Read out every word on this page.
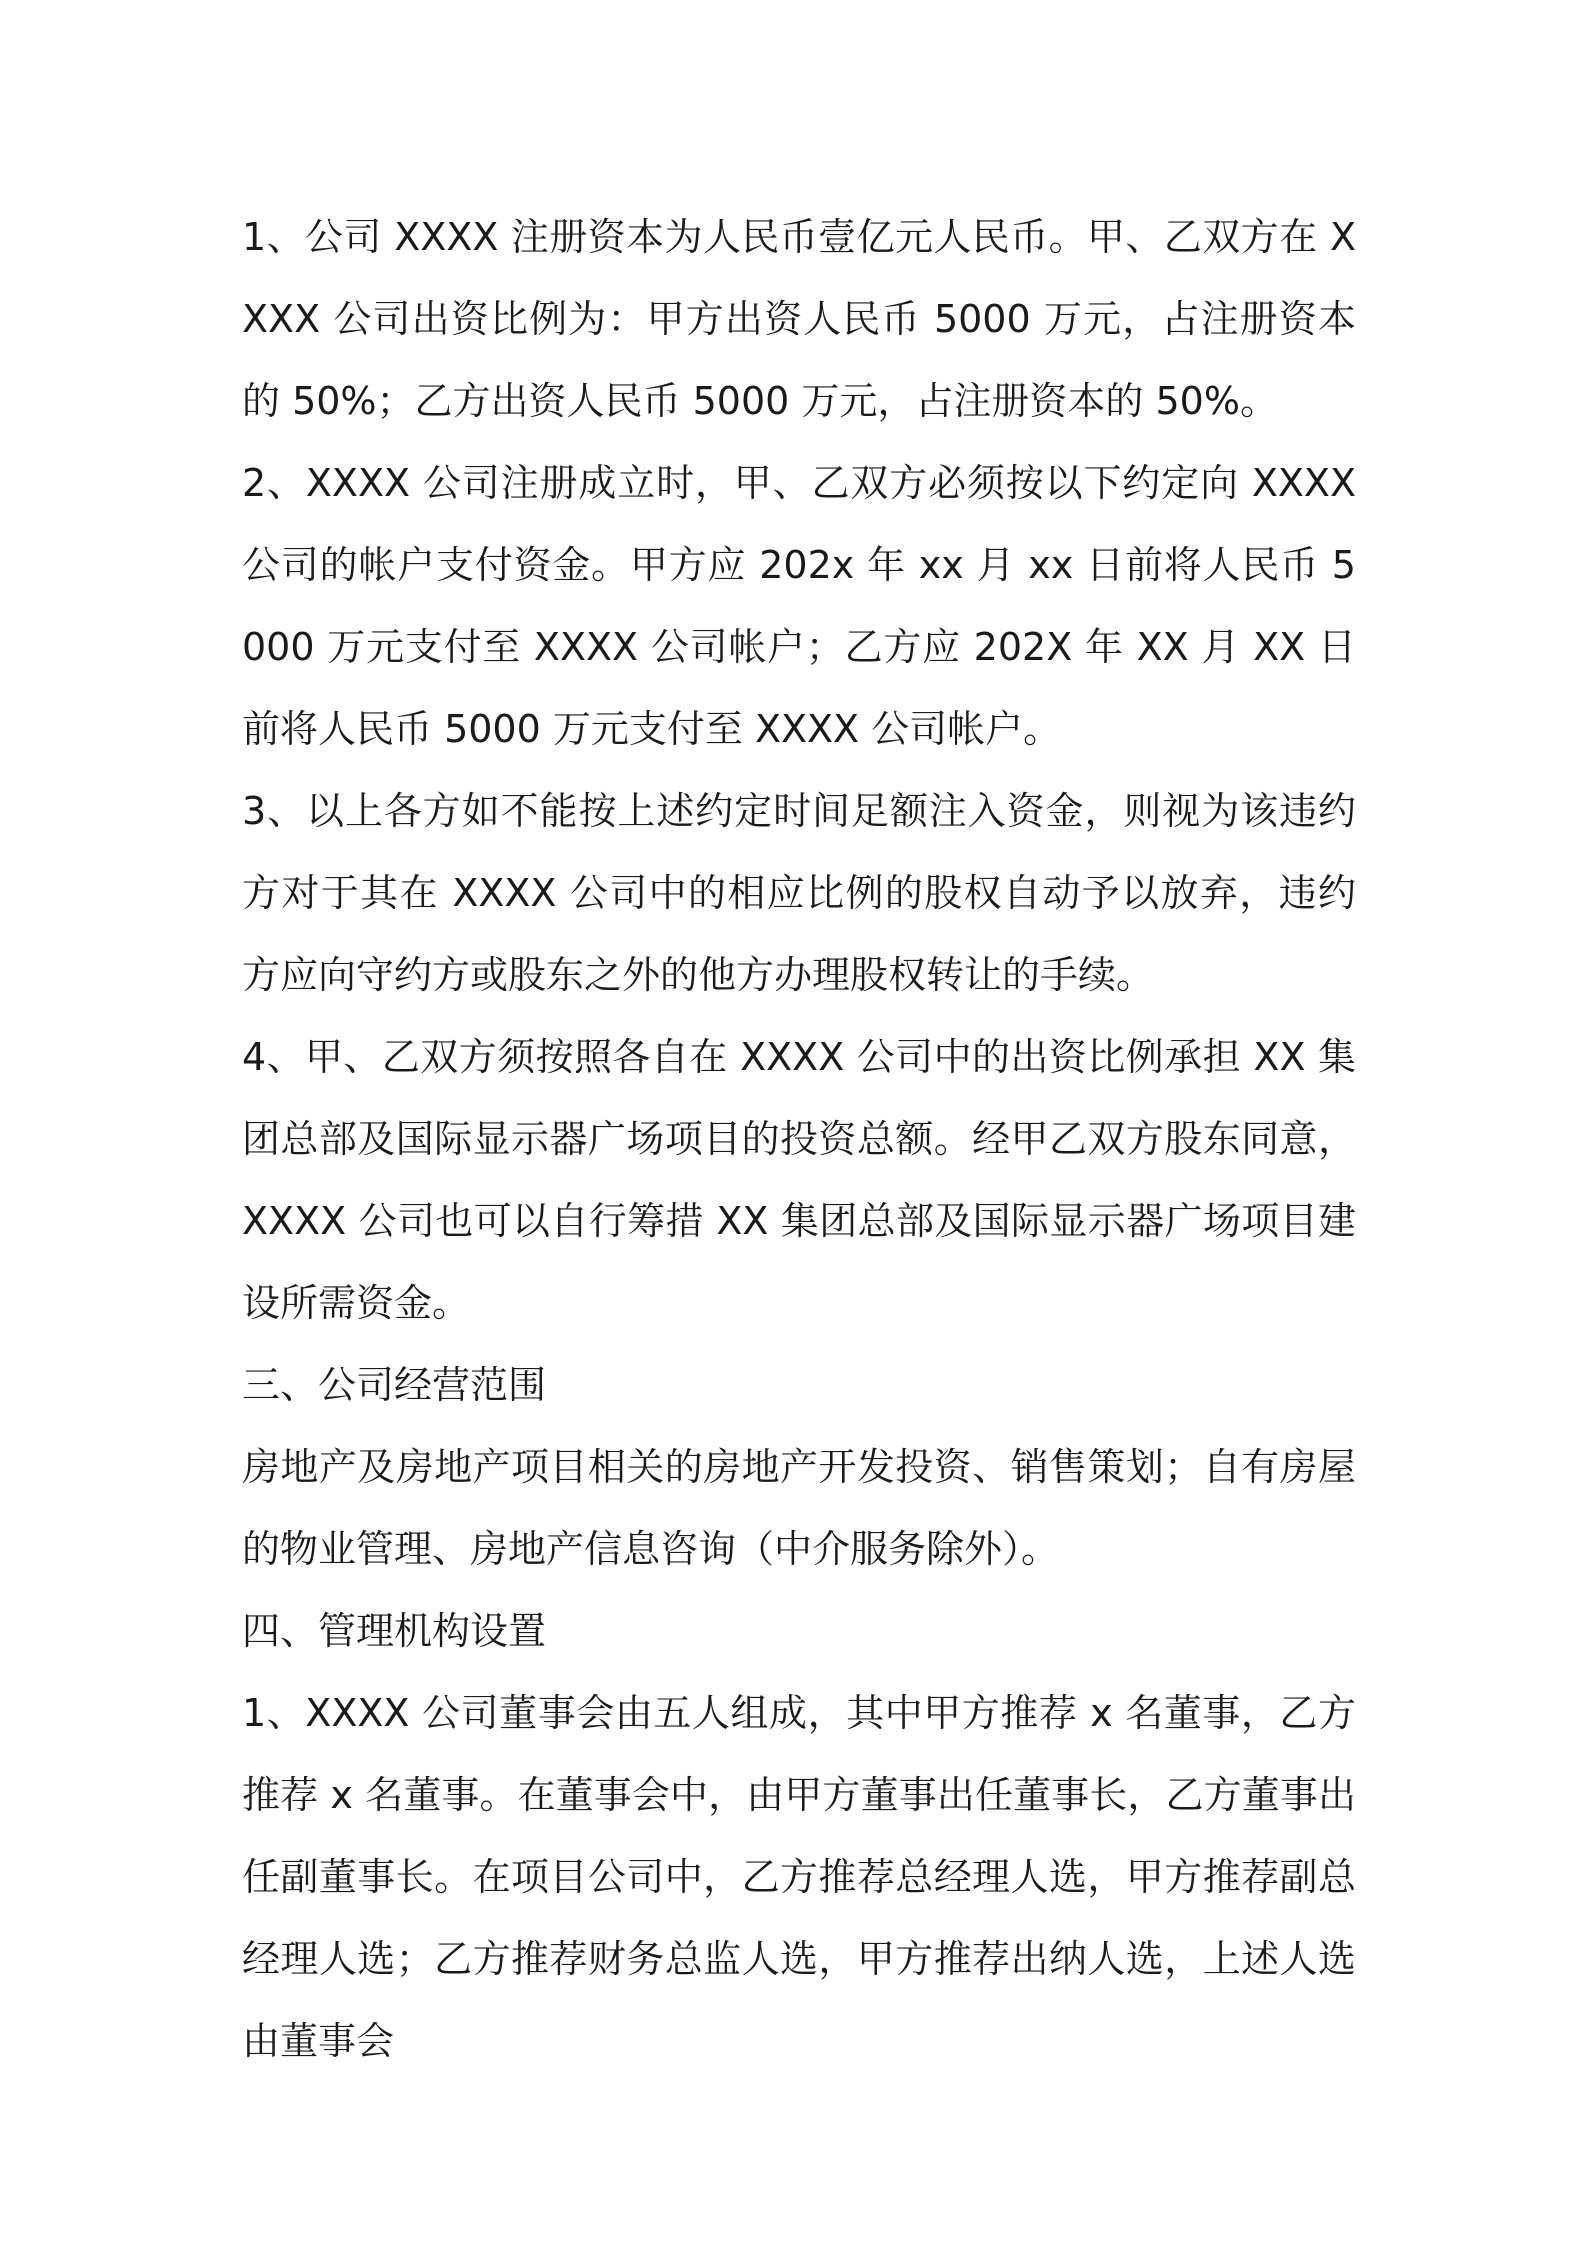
1、公司 XXXX 注册资本为人民币壹亿元人民币。甲、乙双方在 XXXX 公司出资比例为：甲方出资人民币 5000 万元，占注册资本的 50%；乙方出资人民币 5000 万元，占注册资本的 50%。

2、XXXX 公司注册成立时，甲、乙双方必须按以下约定向 XXXX 公司的帐户支付资金。甲方应 202x 年 xx 月 xx 日前将人民币 5000 万元支付至 XXXX 公司帐户；乙方应 202X 年 XX 月 XX 日前将人民币 5000 万元支付至 XXXX 公司帐户。

3、以上各方如不能按上述约定时间足额注入资金，则视为该违约方对于其在 XXXX 公司中的相应比例的股权自动予以放弃，违约方应向守约方或股东之外的他方办理股权转让的手续。

4、甲、乙双方须按照各自在 XXXX 公司中的出资比例承担 XX 集团总部及国际显示器广场项目的投资总额。经甲乙双方股东同意，XXXX 公司也可以自行筹措 XX 集团总部及国际显示器广场项目建设所需资金。

三、公司经营范围

房地产及房地产项目相关的房地产开发投资、销售策划；自有房屋的物业管理、房地产信息咨询（中介服务除外）。

四、管理机构设置

1、XXXX 公司董事会由五人组成，其中甲方推荐 x 名董事，乙方推荐 x 名董事。在董事会中，由甲方董事出任董事长，乙方董事出任副董事长。在项目公司中，乙方推荐总经理人选，甲方推荐副总经理人选；乙方推荐财务总监人选，甲方推荐出纳人选，上述人选由董事会
